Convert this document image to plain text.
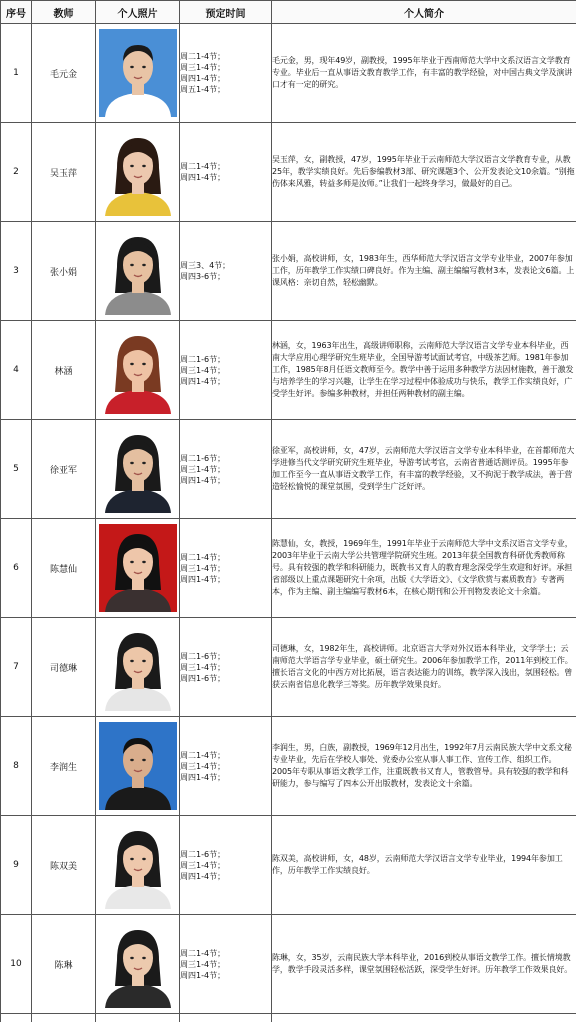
序号	教师	个人照片	预定时间	个人简介
1	毛元金		周二1-4节；
周三1-4节；
周四1-4节；
周五1-4节；	毛元金，男，现年49岁，副教授，1995年毕业于西南师范大学中文系汉语言文学教育专业。毕业后一直从事语文教育教学工作，有丰富的教学经验，对中国古典文学及演讲口才有一定的研究。
2	吴玉萍		周二1-4节；
周四1-4节；	吴玉萍，女，副教授，47岁，1995年毕业于云南师范大学汉语言文学教育专业，从教25年，教学实绩良好。先后参编教材3部、研究课题3个、公开发表论文10余篇。“别拖伤体来风雅，转益多师是汝师。”让我们一起终身学习，做最好的自己。
3	张小娟		周三3、4节；
周四3-6节；	张小娟，高校讲师，女，1983年生，西华师范大学汉语言文学专业毕业，2007年参加工作，历年教学工作实绩口碑良好。作为主编、副主编编写教材3本，发表论文6篇。上课风格：亲切自然，轻松幽默。
4	林涵		周二1-6节；
周三1-4节；
周四1-4节；	林涵，女，1963年出生，高级讲师职称，云南师范大学汉语言文学专业本科毕业，西南大学应用心理学研究生班毕业，全国导游考试面试考官，中级茶艺师。1981年参加工作，1985年8月任语文教师至今。教学中善于运用多种教学方法因材施教，善于激发与培养学生的学习兴趣，让学生在学习过程中体验成功与快乐，教学工作实绩良好，广受学生好评。参编多种教材，并担任两种教材的副主编。
5	徐亚军		周二1-6节；
周三1-4节；
周四1-4节；	徐亚军，高校讲师，女，47岁，云南师范大学汉语言文学专业本科毕业，在首都师范大学进修当代文学研究研究生班毕业，导游考试考官，云南省普通话测评员。1995年参加工作至今一直从事语文教学工作，有丰富的教学经验，又不拘泥于教学成法，善于营造轻松愉悦的课堂氛围，受到学生广泛好评。
6	陈慧仙		周二1-4节；
周三1-4节；
周四1-4节；	陈慧仙，女，教授，1969年生，1991年毕业于云南师范大学中文系汉语言文学专业，2003年毕业于云南大学公共管理学院研究生班。2013年获全国教育科研优秀教师称号。具有较强的教学和科研能力，既教书又育人的教育理念深受学生欢迎和好评。承担省部级以上重点课题研究十余项，出版《大学语文》、《文学欣赏与素质教育》专著两本，作为主编、副主编编写教材6本，在核心期刊和公开刊物发表论文十余篇。
7	司德琳		周二1-6节；
周三1-4节；
周四1-6节；	司德琳，女，1982年生，高校讲师。北京语言大学对外汉语本科毕业，文学学士；云南师范大学语言学专业毕业，硕士研究生。2006年参加教学工作，2011年到校工作。擅长语言文化的中西方对比拓展，语言表达能力的训练，教学深入浅出，氛围轻松。曾获云南省信息化教学三等奖。历年教学效果良好。
8	李润生		周二1-4节；
周三1-4节；
周四1-4节；	李润生，男，白族，副教授，1969年12月出生，1992年7月云南民族大学中文系文秘专业毕业，先后在学校人事处、党委办公室从事人事工作、宣传工作、组织工作。2005年专职从事语文教学工作，注重既教书又育人，管教管导。具有较强的教学和科研能力，参与编写了四本公开出版教材，发表论文十余篇。
9	陈双美		周二1-6节；
周三1-4节；
周四1-4节；	陈双美，高校讲师，女，48岁，云南师范大学汉语言文学专业毕业，1994年参加工作，历年教学工作实绩良好。
10	陈琳		周二1-4节；
周三1-4节；
周四1-4节；	陈琳，女，35岁，云南民族大学本科毕业，2016到校从事语文教学工作。擅长情境教学，教学手段灵活多样，课堂氛围轻松活跃，深受学生好评。历年教学工作效果良好。
